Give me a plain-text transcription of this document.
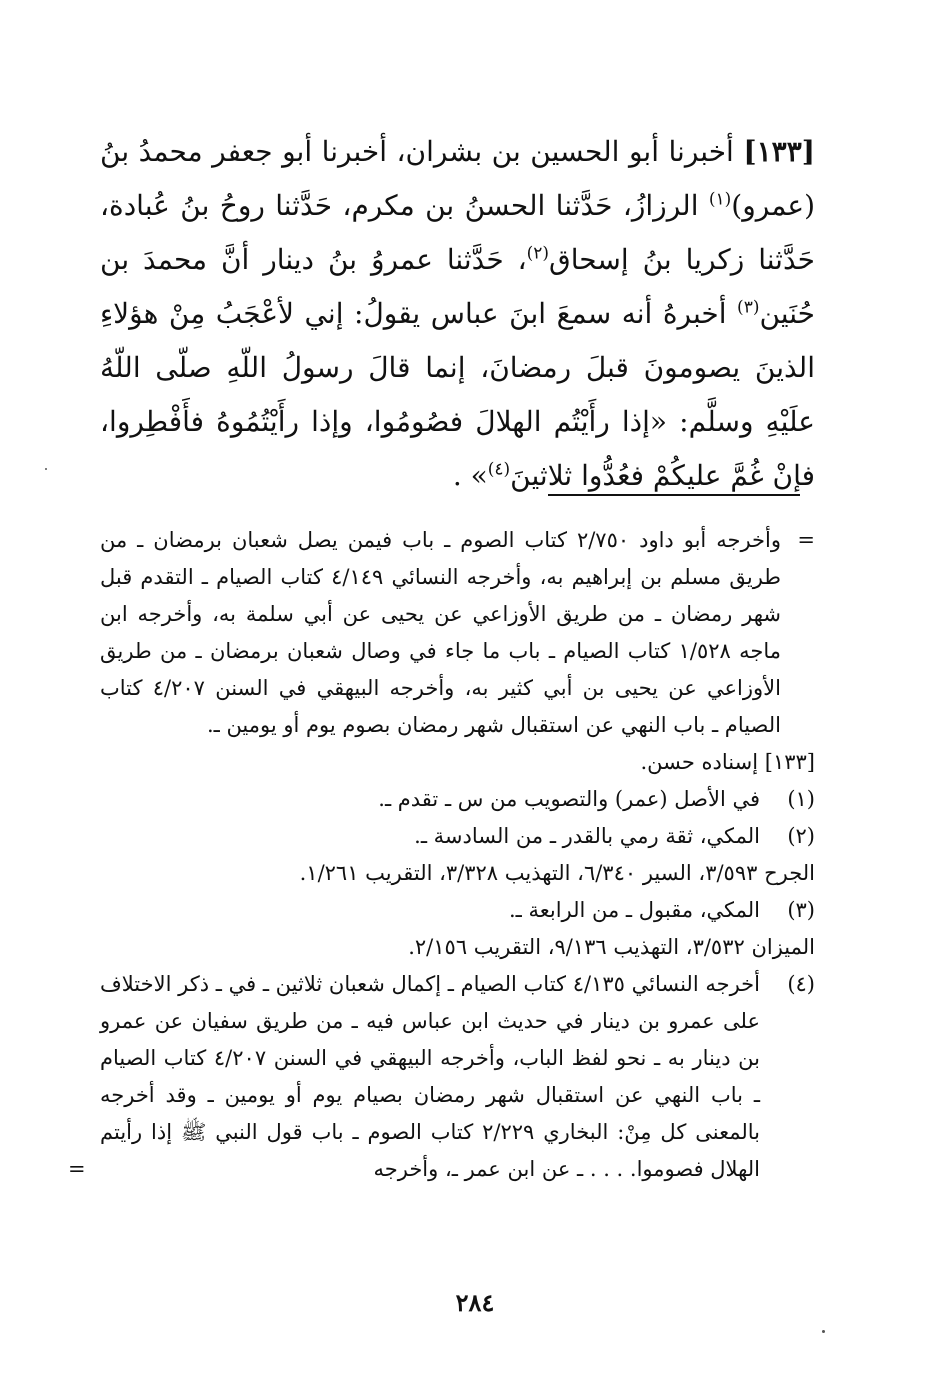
[١٣٣] أخبرنا أبو الحسين بن بشران، أخبرنا أبو جعفر محمدُ بنُ (عمرو)$^{(١)}$ الرزازُ، حَدَّثنا الحسنُ بن مكرم، حَدَّثنا روحُ بنُ عُبادة، حَدَّثنا زكريا بنُ إسحاق$^{(٢)}$، حَدَّثنا عمروُ بنُ دينار أنَّ محمدَ بن حُنَين$^{(٣)}$ أخبرهُ أنه سمعَ ابنَ عباس يقولُ: إني لأعْجَبُ مِنْ هؤلاءِ الذينَ يصومونَ قبلَ رمضانَ، إنما قالَ رسولُ اللّهِ صلّى اللّهُ علَيْهِ وسلَّم: «إذا رأَيْتُم الهلالَ فصُومُوا، وإذا رأَيْتُمُوهُ فأَفْطِروا، فإنْ غُمَّ عليكُمْ فعُدُّوا ثلاثينَ$^{(٤)}$» .

=

وأخرجه أبو داود ٢/٧٥٠ كتاب الصوم ـ باب فيمن يصل شعبان برمضان ـ من طريق مسلم بن إبراهيم به، وأخرجه النسائي ٤/١٤٩ كتاب الصيام ـ التقدم قبل شهر رمضان ـ من طريق الأوزاعي عن يحيى عن أبي سلمة به، وأخرجه ابن ماجه ١/٥٢٨ كتاب الصيام ـ باب ما جاء في وصال شعبان برمضان ـ من طريق الأوزاعي عن يحيى بن أبي كثير به، وأخرجه البيهقي في السنن ٤/٢٠٧ كتاب الصيام ـ باب النهي عن استقبال شهر رمضان بصوم يوم أو يومين ـ.

[١٣٣] إسناده حسن.

(١)

في الأصل (عمر) والتصويب من س ـ تقدم ـ.

(٢)

المكي، ثقة رمي بالقدر ـ من السادسة ـ.

الجرح ٣/٥٩٣، السير ٦/٣٤٠، التهذيب ٣/٣٢٨، التقريب ١/٢٦١.

(٣)

المكي، مقبول ـ من الرابعة ـ.

الميزان ٣/٥٣٢، التهذيب ٩/١٣٦، التقريب ٢/١٥٦.

(٤)

أخرجه النسائي ٤/١٣٥ كتاب الصيام ـ إكمال شعبان ثلاثين ـ في ـ ذكر الاختلاف على عمرو بن دينار في حديث ابن عباس فيه ـ من طريق سفيان عن عمرو بن دينار به ـ نحو لفظ الباب، وأخرجه البيهقي في السنن ٤/٢٠٧ كتاب الصيام ـ باب النهي عن استقبال شهر رمضان بصيام يوم أو يومين ـ وقد أخرجه بالمعنى كل مِنْ: البخاري ٢/٢٢٩ كتاب الصوم ـ باب قول النبي ﷺ إذا رأيتم الهلال فصوموا. . . . ـ عن ابن عمر ـ، وأخرجه

=
٢٨٤
